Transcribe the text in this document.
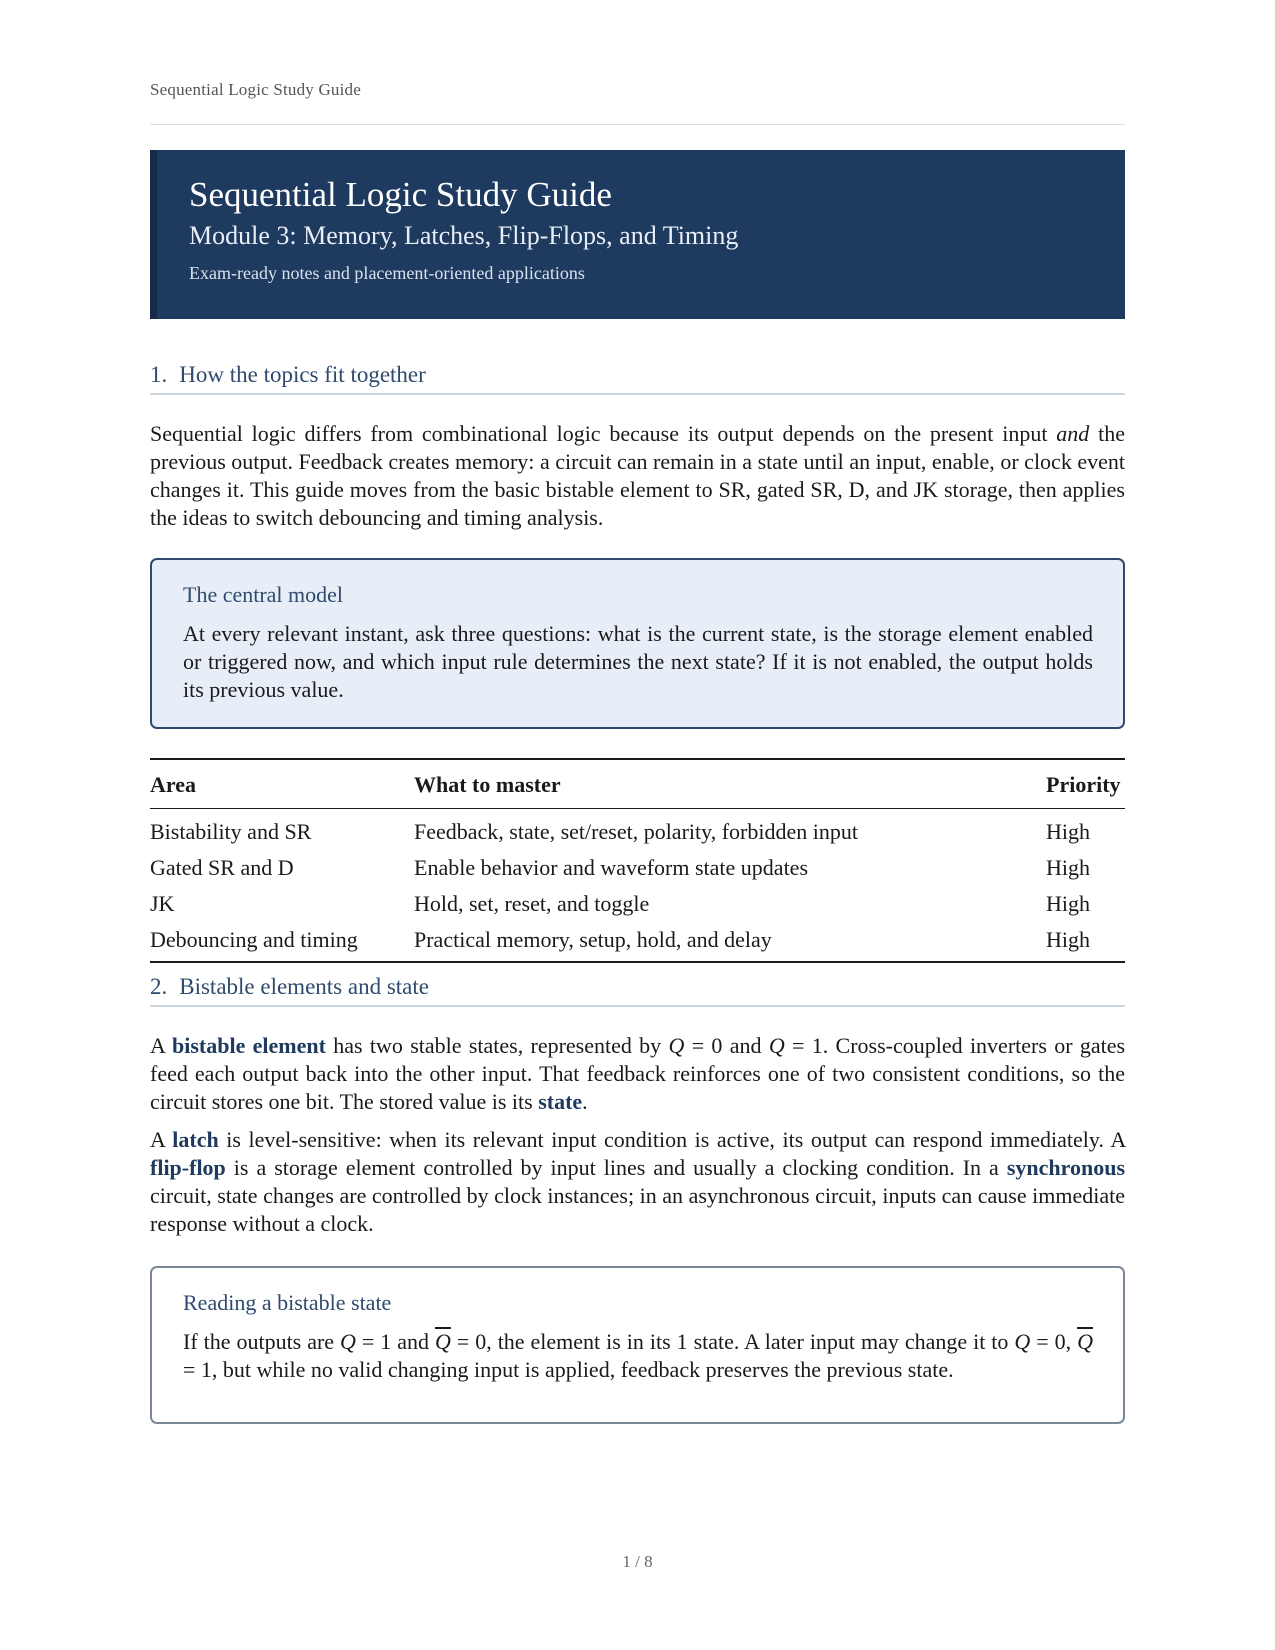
Sequential Logic Study Guide
Sequential Logic Study Guide
Module 3: Memory, Latches, Flip-Flops, and Timing
Exam-ready notes and placement-oriented applications
1. How the topics fit together
Sequential logic differs from combinational logic because its output depends on the present input and the previous output. Feedback creates memory: a circuit can remain in a state until an input, enable, or clock event changes it. This guide moves from the basic bistable element to SR, gated SR, D, and JK storage, then applies the ideas to switch debouncing and timing analysis.
The central model
At every relevant instant, ask three questions: what is the current state, is the storage element enabled or triggered now, and which input rule determines the next state? If it is not enabled, the output holds its previous value.
Area	What to master	Priority
Bistability and SR	Feedback, state, set/reset, polarity, forbidden input	High
Gated SR and D	Enable behavior and waveform state updates	High
JK	Hold, set, reset, and toggle	High
Debouncing and timing	Practical memory, setup, hold, and delay	High
2. Bistable elements and state
A bistable element has two stable states, represented by Q = 0 and Q = 1. Cross-coupled inverters or gates feed each output back into the other input. That feedback reinforces one of two consistent conditions, so the circuit stores one bit. The stored value is its state.
A latch is level-sensitive: when its relevant input condition is active, its output can respond immediately. A flip-flop is a storage element controlled by input lines and usually a clocking condition. In a synchronous circuit, state changes are controlled by clock instances; in an asynchronous circuit, inputs can cause immediate response without a clock.
Reading a bistable state
If the outputs are Q = 1 and $\overline{Q} = 0$, the element is in its 1 state. A later input may change it to Q = 0, $\overline{Q} = 1$, but while no valid changing input is applied, feedback preserves the previous state.
1 / 8
